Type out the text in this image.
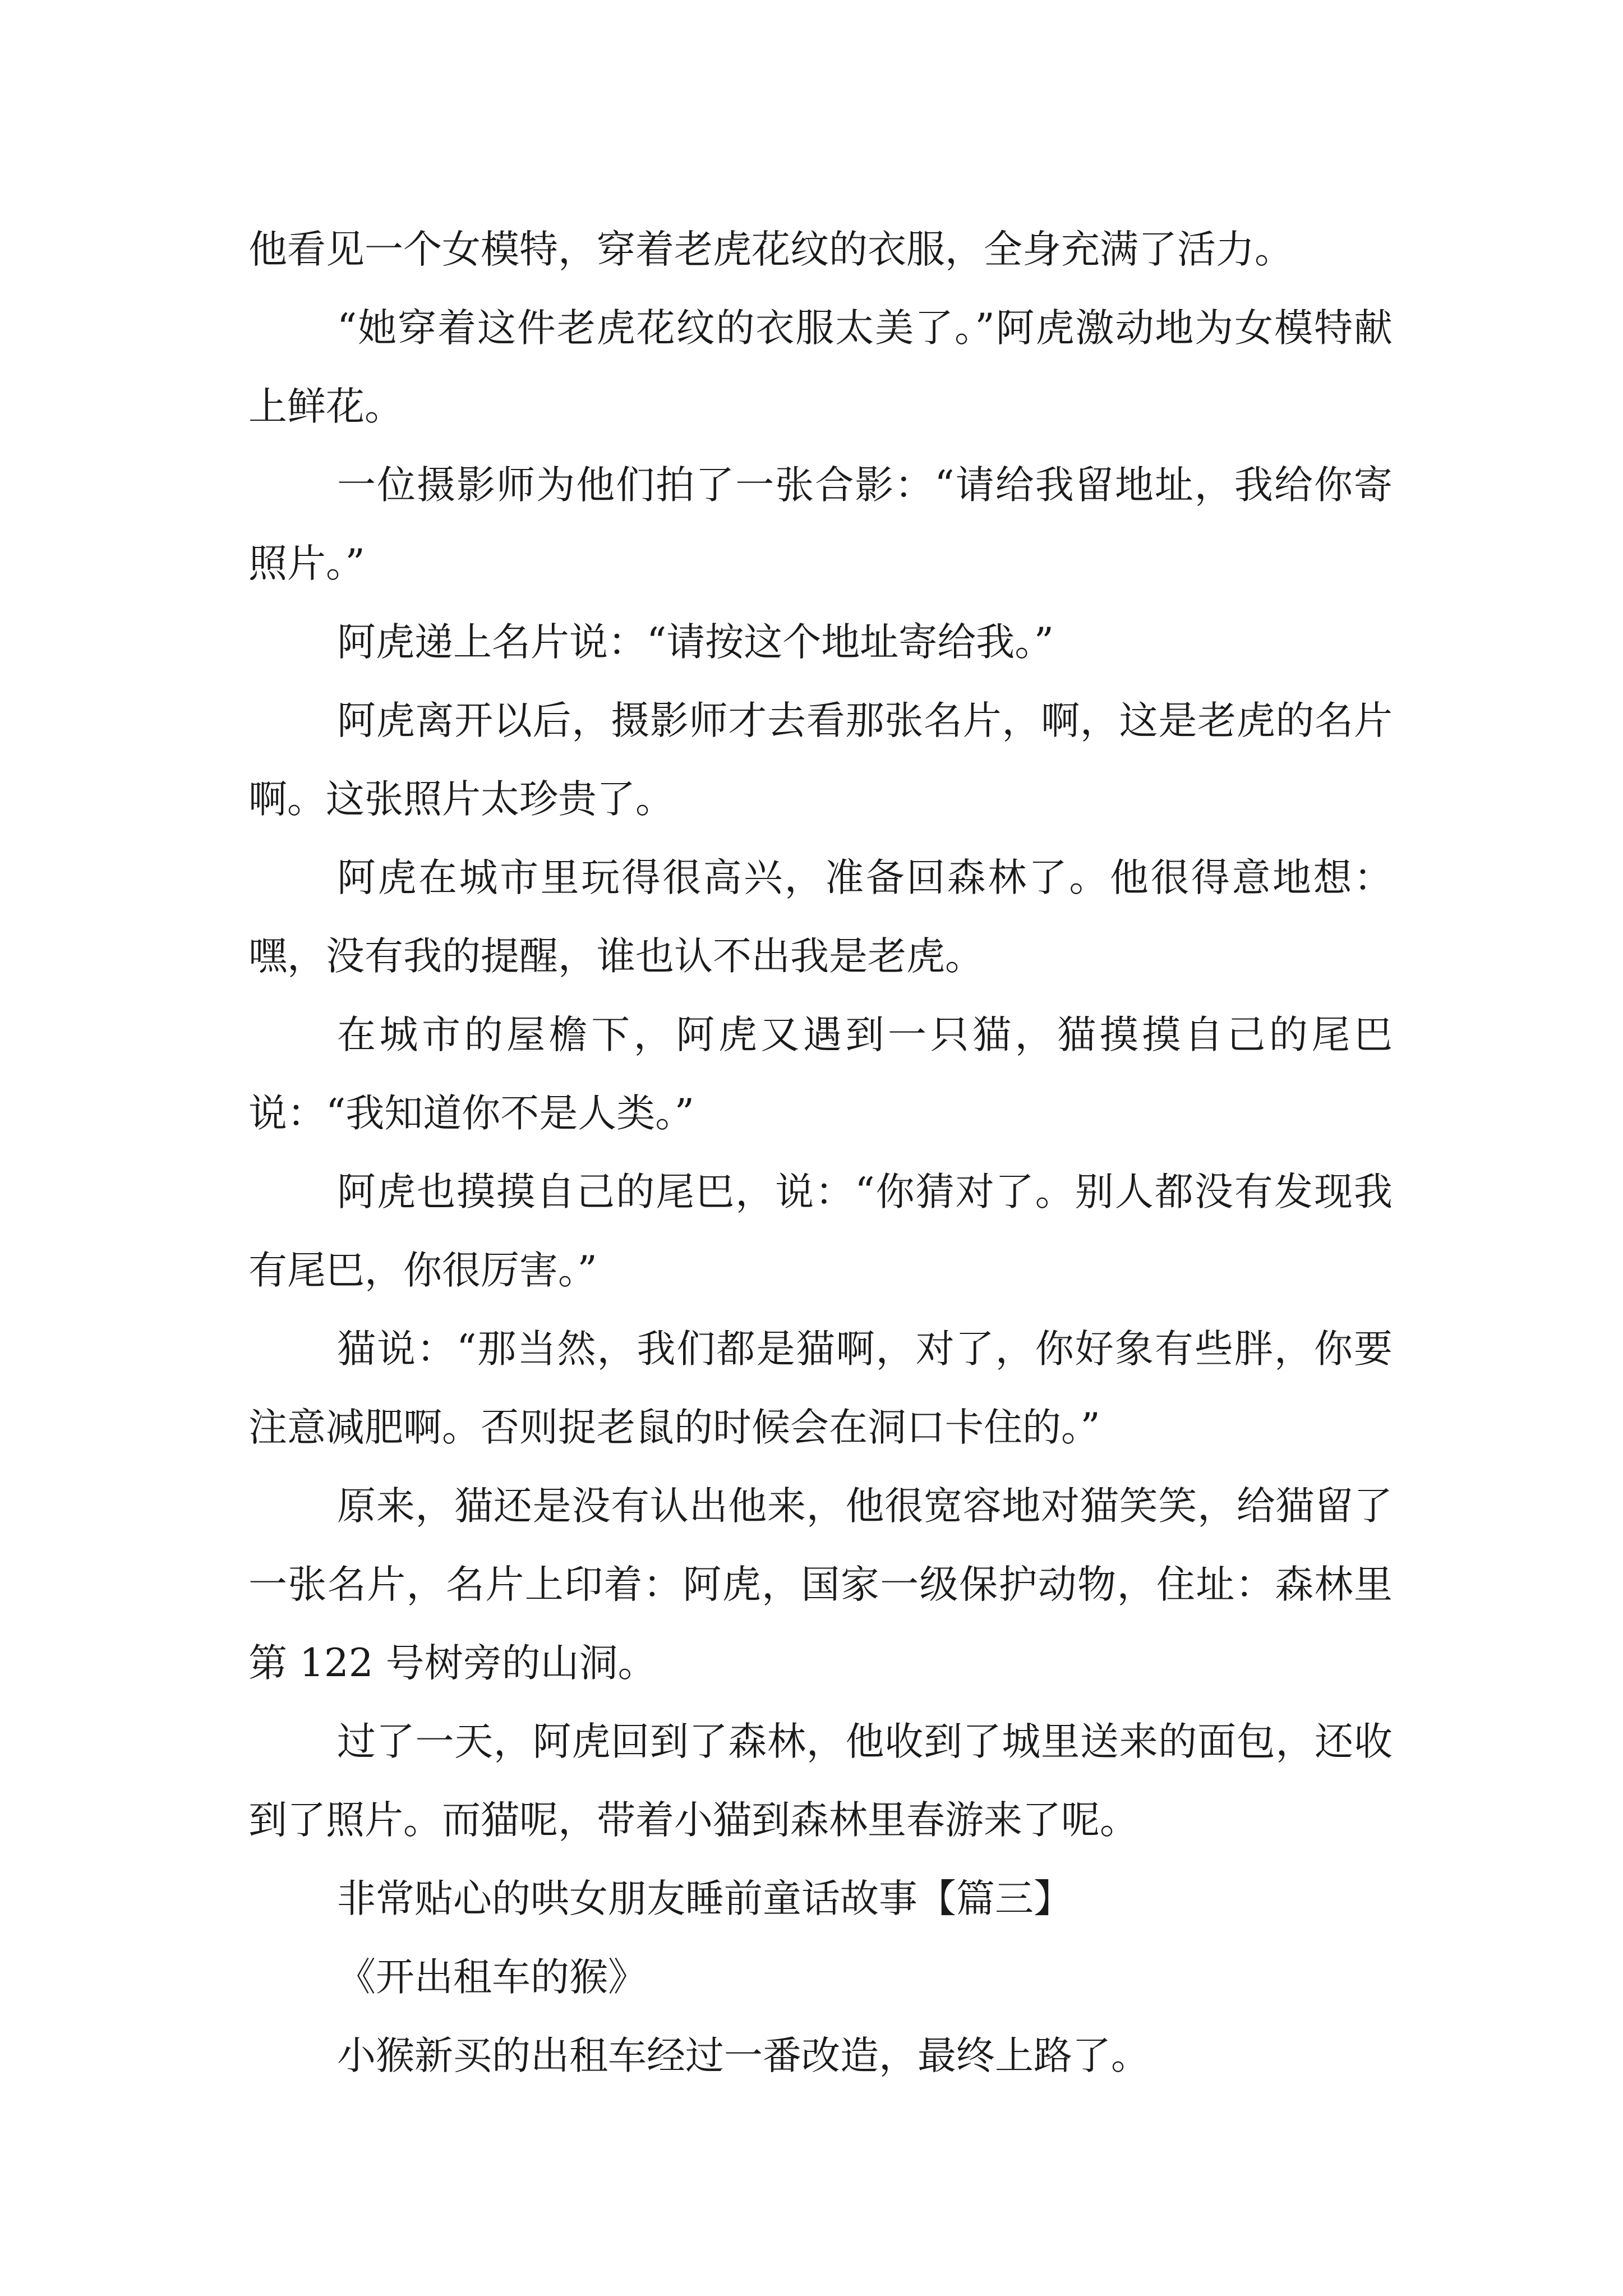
他看见一个女模特，穿着老虎花纹的衣服，全身充满了活力。

“她穿着这件老虎花纹的衣服太美了。”阿虎激动地为女模特献上鲜花。

一位摄影师为他们拍了一张合影：“请给我留地址，我给你寄照片。”

阿虎递上名片说：“请按这个地址寄给我。”

阿虎离开以后，摄影师才去看那张名片，啊，这是老虎的名片啊。这张照片太珍贵了。

阿虎在城市里玩得很高兴，准备回森林了。他很得意地想：嘿，没有我的提醒，谁也认不出我是老虎。

在城市的屋檐下，阿虎又遇到一只猫，猫摸摸自己的尾巴说：“我知道你不是人类。”

阿虎也摸摸自己的尾巴，说：“你猜对了。别人都没有发现我有尾巴，你很厉害。”

猫说：“那当然，我们都是猫啊，对了，你好象有些胖，你要注意减肥啊。否则捉老鼠的时候会在洞口卡住的。”

原来，猫还是没有认出他来，他很宽容地对猫笑笑，给猫留了一张名片，名片上印着：阿虎，国家一级保护动物，住址：森林里第 122 号树旁的山洞。

过了一天，阿虎回到了森林，他收到了城里送来的面包，还收到了照片。而猫呢，带着小猫到森林里春游来了呢。

非常贴心的哄女朋友睡前童话故事【篇三】

《开出租车的猴》

小猴新买的出租车经过一番改造，最终上路了。
